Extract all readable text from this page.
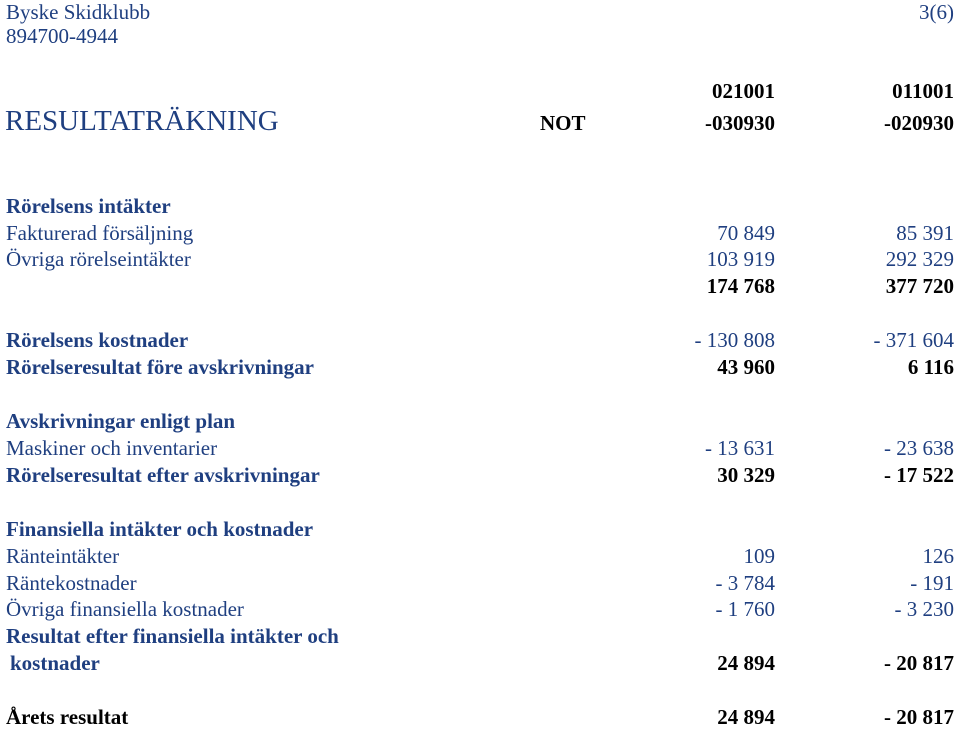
Byske Skidklubb
894700-4944
3(6)
021001	011001
RESULTATRÄKNING	NOT	-030930	-020930
Rörelsens intäkter
Fakturerad försäljning	70 849	85 391
Övriga rörelseintäkter	103 919	292 329
174 768	377 720
Rörelsens kostnader	- 130 808	- 371 604
Rörelseresultat före avskrivningar	43 960	6 116
Avskrivningar enligt plan
Maskiner och inventarier	- 13 631	- 23 638
Rörelseresultat efter avskrivningar	30 329	- 17 522
Finansiella intäkter och kostnader
Ränteintäkter	109	126
Räntekostnader	- 3 784	- 191
Övriga finansiella kostnader	- 1 760	- 3 230
Resultat efter finansiella intäkter och
kostnader	24 894	- 20 817
Årets resultat	24 894	- 20 817
